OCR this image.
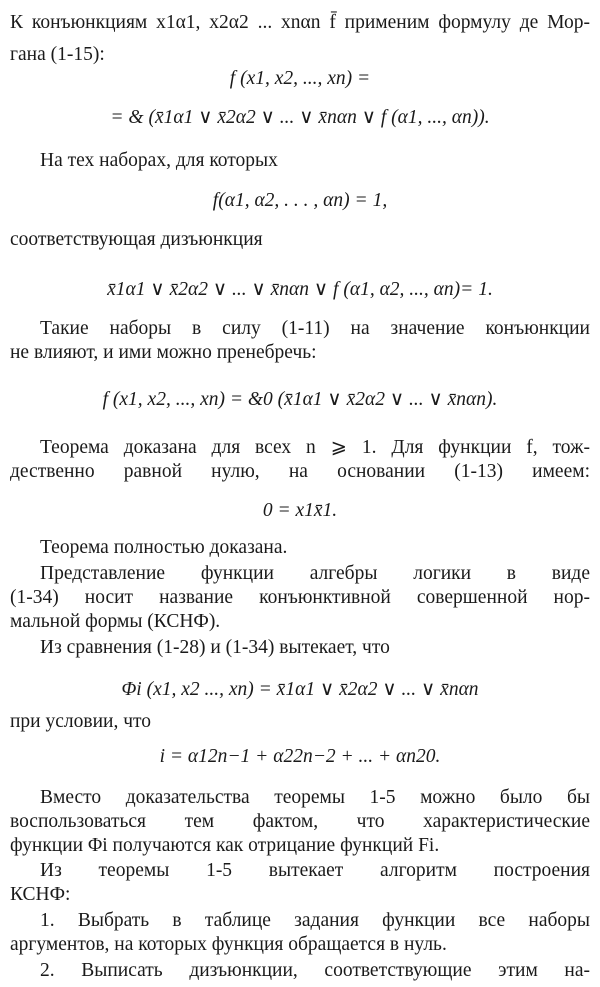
К конъюнкциям x1α1, x2α2 ... xnαn f̄ применим формулу де Мор-
гана (1-15):
f (x1, x2, ..., xn) =
= & (x̄1α1 ∨ x̄2α2 ∨ ... ∨ x̄nαn ∨ f (α1, ..., αn)).
На тех наборах, для которых
f(α1, α2, . . . , αn) = 1,
соответствующая дизъюнкция
x̄1α1 ∨ x̄2α2 ∨ ... ∨ x̄nαn ∨ f (α1, α2, ..., αn)= 1.
Такие наборы в силу (1-11) на значение конъюнкции
не влияют, и ими можно пренебречь:
f (x1, x2, ..., xn) = &0 (x̄1α1 ∨ x̄2α2 ∨ ... ∨ x̄nαn).
Теорема доказана для всех n ⩾ 1. Для функции f, тож-
дественно равной нулю, на основании (1-13) имеем:
0 = x1x̄1.
Теорема полностью доказана.
Представление функции алгебры логики в виде
(1-34) носит название конъюнктивной совершенной нор-
мальной формы (КСНФ).
Из сравнения (1-28) и (1-34) вытекает, что
Φi (x1, x2 ..., xn) = x̄1α1 ∨ x̄2α2 ∨ ... ∨ x̄nαn
при условии, что
i = α12n−1 + α22n−2 + ... + αn20.
Вместо доказательства теоремы 1-5 можно было бы
воспользоваться тем фактом, что характеристические
функции Φi получаются как отрицание функций Fi.
Из теоремы 1-5 вытекает алгоритм построения
КСНФ:
1. Выбрать в таблице задания функции все наборы
аргументов, на которых функция обращается в нуль.
2. Выписать дизъюнкции, соответствующие этим на-
